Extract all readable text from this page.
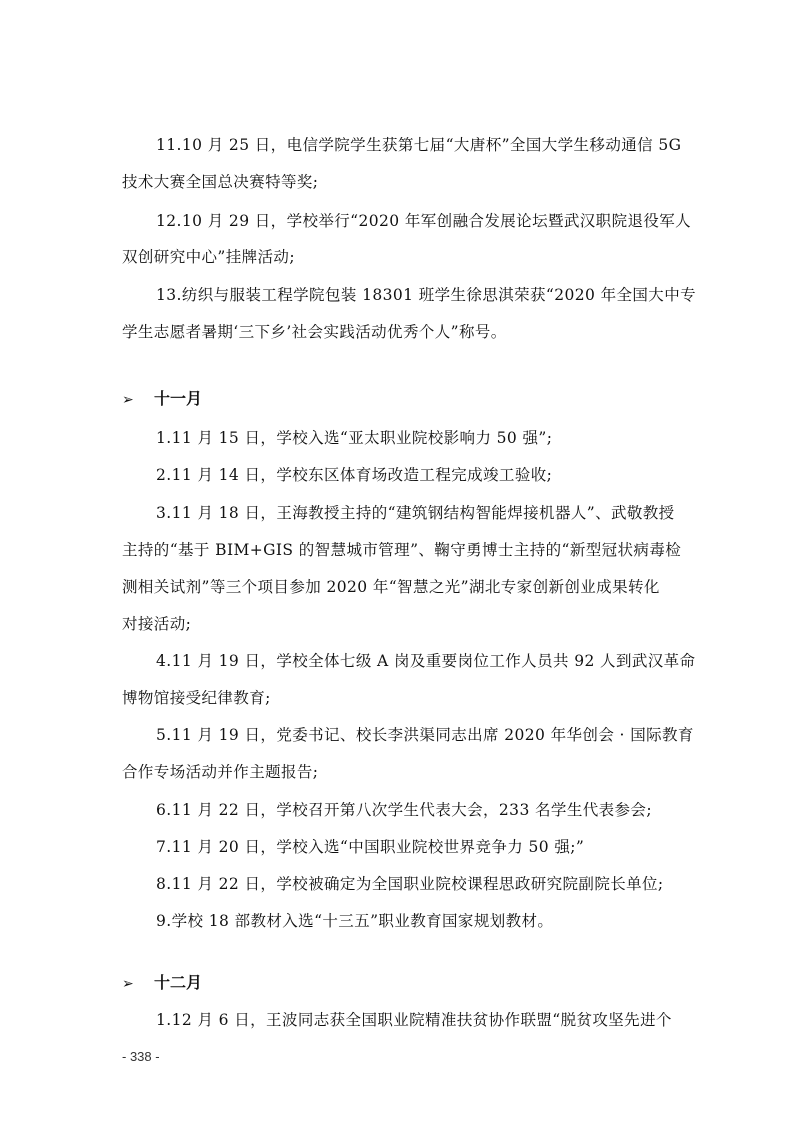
11.10 月 25 日，电信学院学生获第七届“大唐杯”全国大学生移动通信 5G
技术大赛全国总决赛特等奖;
12.10 月 29 日，学校举行“2020 年军创融合发展论坛暨武汉职院退役军人
双创研究中心”挂牌活动;
13.纺织与服装工程学院包装 18301 班学生徐思淇荣获“2020 年全国大中专
学生志愿者暑期‘三下乡’社会实践活动优秀个人”称号。
➢ 十一月
1.11 月 15 日，学校入选“亚太职业院校影响力 50 强”;
2.11 月 14 日，学校东区体育场改造工程完成竣工验收;
3.11 月 18 日，王海教授主持的“建筑钢结构智能焊接机器人”、武敬教授
主持的“基于 BIM+GIS 的智慧城市管理”、鞠守勇博士主持的“新型冠状病毒检
测相关试剂”等三个项目参加 2020 年“智慧之光”湖北专家创新创业成果转化
对接活动;
4.11 月 19 日，学校全体七级 A 岗及重要岗位工作人员共 92 人到武汉革命
博物馆接受纪律教育;
5.11 月 19 日，党委书记、校长李洪渠同志出席 2020 年华创会 · 国际教育
合作专场活动并作主题报告;
6.11 月 22 日，学校召开第八次学生代表大会，233 名学生代表参会;
7.11 月 20 日，学校入选“中国职业院校世界竞争力 50 强;”
8.11 月 22 日，学校被确定为全国职业院校课程思政研究院副院长单位;
9.学校 18 部教材入选“十三五”职业教育国家规划教材。
➢ 十二月
1.12 月 6 日，王波同志获全国职业院精准扶贫协作联盟“脱贫攻坚先进个
- 338 -
